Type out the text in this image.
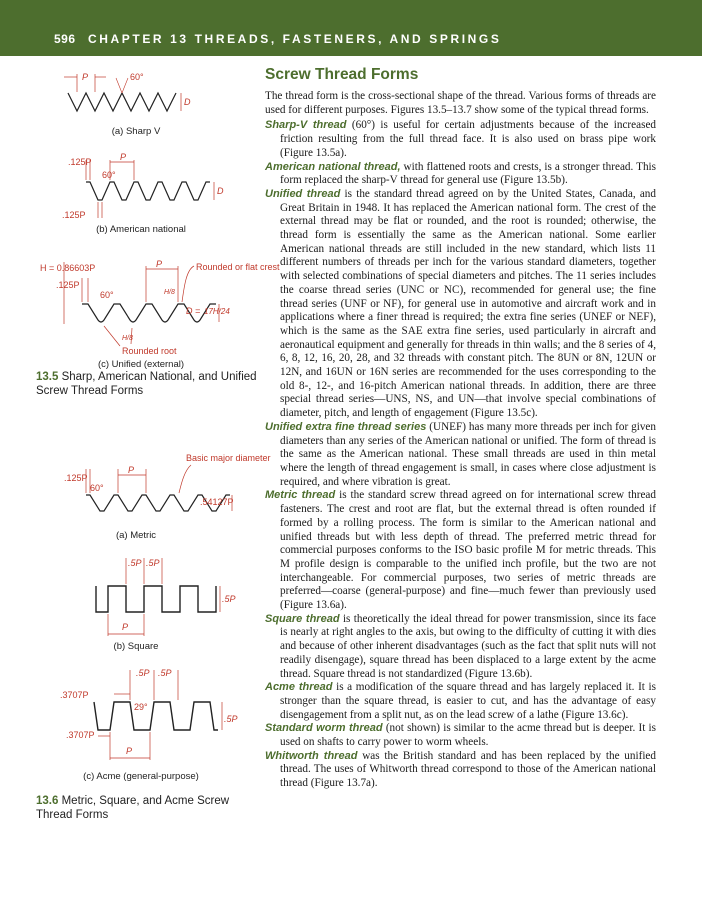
596 CHAPTER 13 THREADS, FASTENERS, AND SPRINGS
P	60°
D
(a) Sharp V
.125P	P
60°
D
.125P
(b) American national
H = 0.86603P	P	Rounded or flat crest
.125P
H/8
60°
D = 17H/24
H/8
Rounded root
(c) Unified (external)
13.5 Sharp, American National, and Unified Screw Thread Forms
Basic major diameter
.125P
P
60°
.54127P
(a) Metric
.5P .5P
.5P
P
(b) Square
.5P .5P
.3707P
29°
.5P
.3707P
P
(c) Acme (general-purpose)
13.6 Metric, Square, and Acme Screw Thread Forms
Screw Thread Forms

The thread form is the cross-sectional shape of the thread. Various forms of threads are used for different purposes. Figures 13.5–13.7 show some of the typical thread forms.

Sharp-V thread (60°) is useful for certain adjustments because of the increased friction resulting from the full thread face. It is also used on brass pipe work (Figure 13.5a).

American national thread, with flattened roots and crests, is a stronger thread. This form replaced the sharp-V thread for general use (Figure 13.5b).

Unified thread is the standard thread agreed on by the United States, Canada, and Great Britain in 1948. It has replaced the American national form. The crest of the external thread may be flat or rounded, and the root is rounded; otherwise, the thread form is essentially the same as the American national. Some earlier American national threads are still included in the new standard, which lists 11 different numbers of threads per inch for the various standard diameters, together with selected combinations of special diameters and pitches. The 11 series includes the coarse thread series (UNC or NC), recommended for general use; the fine thread series (UNF or NF), for general use in automotive and aircraft work and in applications where a finer thread is required; the extra fine series (UNEF or NEF), which is the same as the SAE extra fine series, used particularly in aircraft and aeronautical equipment and generally for threads in thin walls; and the 8 series of 4, 6, 8, 12, 16, 20, 28, and 32 threads with constant pitch. The 8UN or 8N, 12UN or 12N, and 16UN or 16N series are recommended for the uses corresponding to the old 8-, 12-, and 16-pitch American national threads. In addition, there are three special thread series—UNS, NS, and UN—that involve special combinations of diameter, pitch, and length of engagement (Figure 13.5c).

Unified extra fine thread series (UNEF) has many more threads per inch for given diameters than any series of the American national or unified. The form of thread is the same as the American national. These small threads are used in thin metal where the length of thread engagement is small, in cases where close adjustment is required, and where vibration is great.

Metric thread is the standard screw thread agreed on for international screw thread fasteners. The crest and root are flat, but the external thread is often rounded if formed by a rolling process. The form is similar to the American national and unified threads but with less depth of thread. The preferred metric thread for commercial purposes conforms to the ISO basic profile M for metric threads. This M profile design is comparable to the unified inch profile, but the two are not interchangeable. For commercial purposes, two series of metric threads are preferred—coarse (general-purpose) and fine—much fewer than previously used (Figure 13.6a).

Square thread is theoretically the ideal thread for power transmission, since its face is nearly at right angles to the axis, but owing to the difficulty of cutting it with dies and because of other inherent disadvantages (such as the fact that split nuts will not readily disengage), square thread has been displaced to a large extent by the acme thread. Square thread is not standardized (Figure 13.6b).

Acme thread is a modification of the square thread and has largely replaced it. It is stronger than the square thread, is easier to cut, and has the advantage of easy disengagement from a split nut, as on the lead screw of a lathe (Figure 13.6c).

Standard worm thread (not shown) is similar to the acme thread but is deeper. It is used on shafts to carry power to worm wheels.

Whitworth thread was the British standard and has been replaced by the unified thread. The uses of Whitworth thread correspond to those of the American national thread (Figure 13.7a).
